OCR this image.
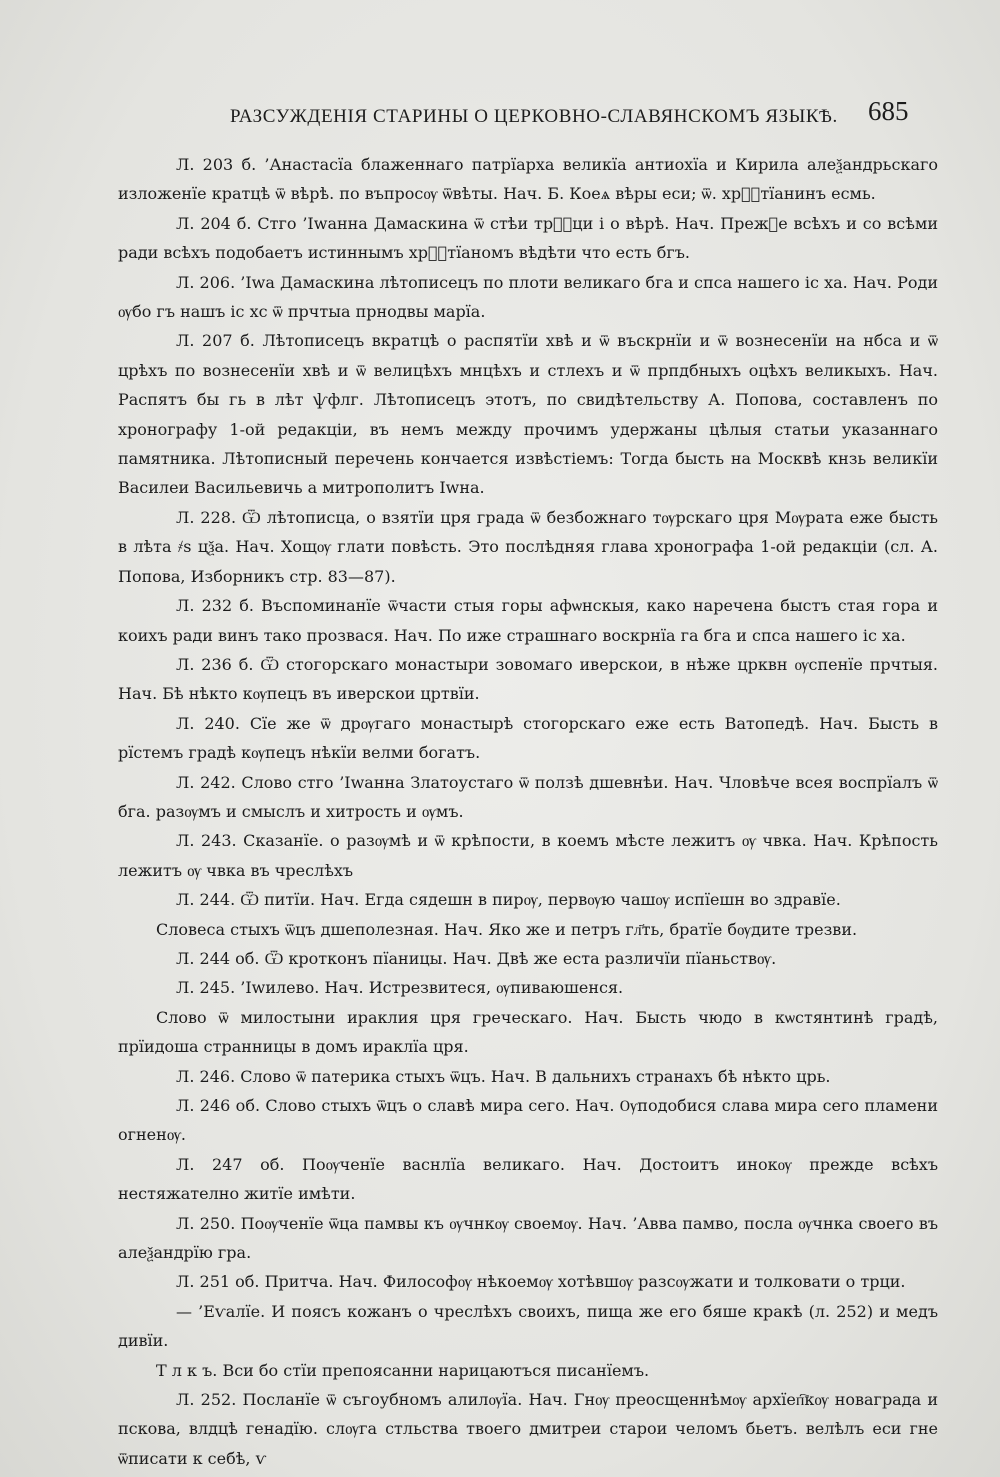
РАЗСУЖДЕНІЯ СТАРИНЫ О ЦЕРКОВНО-СЛАВЯНСКОМЪ ЯЗЫКѢ. 685

Л. 203 б. ’Анастасїа блаженнаго патрїарха великїа антиохїа и Кирила алеѯандрьскаго изложенїе кратцѣ ѿ вѣрѣ. по въпросѹ ѿвѣты. Нач. Б. Коеѧ вѣры еси; ѿ. хрⷭ҇тїанинъ есмь.

Л. 204 б. Стго ’Іwанна Дамаскина ѿ стѣи трⷪ҇ци і о вѣрѣ. Нач. Прежⷣе всѣхъ и со всѣми ради всѣхъ подобаетъ истиннымъ хрⷭ҇тїаномъ вѣдѣти что есть бгъ.

Л. 206. ’Іwа Дамаскина лѣтописецъ по плоти великаго бга и спса нашего іс ха. Нач. Роди ѹбо гъ нашъ іс хс ѿ прчтыа прнодвы марїа.

Л. 207 б. Лѣтописецъ вкратцѣ о распятїи хвѣ и ѿ въскрнїи и ѿ вознесенїи на нбса и ѿ црѣхъ по вознесенїи хвѣ и ѿ велицѣхъ мнцѣхъ и стлехъ и ѿ прпдбныхъ оцѣхъ великыхъ. Нач. Распятъ бы гь в лѣт ѱфлг. Лѣтописецъ этотъ, по свидѣтельству А. Попова, составленъ по хронографу 1-ой редакціи, въ немъ между прочимъ удержаны цѣлыя статьи указаннаго памятника. Лѣтописный перечень кончается извѣстіемъ: Тогда бысть на Москвѣ кнзь великїи Василеи Васильевичь а митрополитъ Іwна.

Л. 228. Ѿ лѣтописца, о взятїи цря града ѿ безбожнаго тѹрскаго цря Мѹрата еже бысть в лѣта ҂ѕ цѯа. Нач. Хощѹ глати повѣсть. Это послѣдняя глава хронографа 1-ой редакціи (сл. А. Попова, Изборникъ стр. 83—87).

Л. 232 б. Въспоминанїе ѿчасти стыя горы афѡнскыя, како наречена быстъ стая гора и коихъ ради винъ тако прозвася. Нач. По иже страшнаго воскрнїа га бга и спса нашего іс ха.

Л. 236 б. Ѿ стогорскаго монастыри зовомаго иверскои, в нѣже црквн ѹспенїе прчтыя. Нач. Бѣ нѣкто кѹпецъ въ иверскои цртвїи.

Л. 240. Сїе же ѿ дрѹгаго монастырѣ стогорскаго еже есть Ватопедѣ. Нач. Бысть в рїстемъ градѣ кѹпецъ нѣкїи велми богатъ.

Л. 242. Слово стго ’Іwанна Златоустаго ѿ ползѣ дшевнѣи. Нач. Чловѣче всея воспрїалъ ѿ бга. разѹмъ и смыслъ и хитрость и ѹмъ.

Л. 243. Сказанїе. о разѹмѣ и ѿ крѣпости, в коемъ мѣсте лежитъ ѹ чвка. Нач. Крѣпость лежитъ ѹ чвка въ чреслѣхъ

Л. 244. Ѿ питїи. Нач. Егда сядешн в пирѹ, первѹю чашѹ испїешн во здравїе.

Словеса стыхъ ѿцъ дшеполезная. Нач. Яко же и петръ гл҃ть, братїе бѹдите трезви.

Л. 244 об. Ѿ кротконъ пїаницы. Нач. Двѣ же еста различїи пїаньствѹ.

Л. 245. ’Іwилево. Нач. Истрезвитеся, ѹпиваюшенся.

Слово ѿ милостыни ираклия цря греческаго. Нач. Бысть чюдо в кѡстянтинѣ градѣ, прїидоша странницы в домъ ираклїа цря.

Л. 246. Слово ѿ патерика стыхъ ѿцъ. Нач. В дальнихъ странахъ бѣ нѣкто црь.

Л. 246 об. Слово стыхъ ѿцъ о славѣ мира сего. Нач. Ѹподобися слава мира сего пламени огненѹ.

Л. 247 об. Поѹченїе васнлїа великаго. Нач. Достоитъ инокѹ прежде всѣхъ нестяжателно житїе имѣти.

Л. 250. Поѹченїе ѿца памвы къ ѹчнкѹ своемѹ. Нач. ’Авва памво, посла ѹчнка своего въ алеѯандрїю гра.

Л. 251 об. Притча. Нач. Философѹ нѣкоемѹ хотѣвшѹ разсѹжати и толковати о трци.

— ’Еѵалїе. И поясъ кожанъ о чреслѣхъ своихъ, пища же его бяше кракѣ (л. 252) и медъ дивїи.

Т л к ъ. Вси бо стїи препоясанни нарицаютъся писанїемъ.

Л. 252. Посланїе ѿ съгоубномъ алилѹїа. Нач. Гнѹ преосщеннѣмѹ архїеп҇кѹ новаграда и пскова, влдцѣ генадїю. слѹга стльства твоего дмитреи старои челомъ бьетъ. велѣлъ еси гне ѿписати к себѣ, ѵ
